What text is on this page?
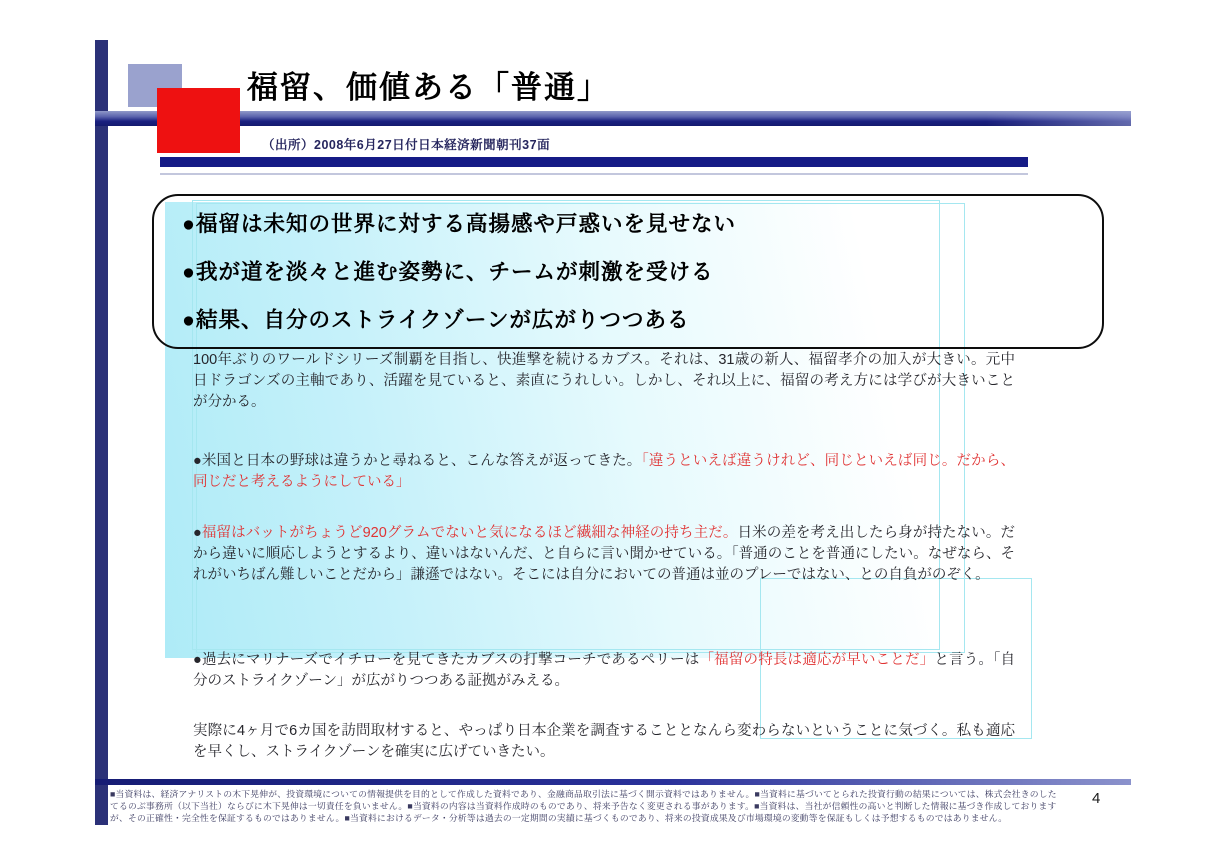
福留、価値ある「普通」
（出所）2008年6月27日付日本経済新聞朝刊37面
●福留は未知の世界に対する高揚感や戸惑いを見せない
●我が道を淡々と進む姿勢に、チームが刺激を受ける
●結果、自分のストライクゾーンが広がりつつある
100年ぶりのワールドシリーズ制覇を目指し、快進撃を続けるカブス。それは、31歳の新人、福留孝介の加入が大きい。元中日ドラゴンズの主軸であり、活躍を見ていると、素直にうれしい。しかし、それ以上に、福留の考え方には学びが大きいことが分かる。
●米国と日本の野球は違うかと尋ねると、こんな答えが返ってきた。「違うといえば違うけれど、同じといえば同じ。だから、同じだと考えるようにしている」
●福留はバットがちょうど920グラムでないと気になるほど繊細な神経の持ち主だ。日米の差を考え出したら身が持たない。だから違いに順応しようとするより、違いはないんだ、と自らに言い聞かせている。「普通のことを普通にしたい。なぜなら、それがいちばん難しいことだから」謙遜ではない。そこには自分においての普通は並のプレーではない、との自負がのぞく。
●過去にマリナーズでイチローを見てきたカブスの打撃コーチであるペリーは「福留の特長は適応が早いことだ」と言う。「自分のストライクゾーン」が広がりつつある証拠がみえる。
実際に4ヶ月で6カ国を訪問取材すると、やっぱり日本企業を調査することとなんら変わらないということに気づく。私も適応を早くし、ストライクゾーンを確実に広げていきたい。
■当資料は、経済アナリストの木下晃伸が、投資環境についての情報提供を目的として作成した資料であり、金融商品取引法に基づく開示資料ではありません。■当資料に基づいてとられた投資行動の結果については、株式会社きのした
てるのぶ事務所（以下当社）ならびに木下晃伸は一切責任を負いません。■当資料の内容は当資料作成時のものであり、将来予告なく変更される事があります。■当資料は、当社が信頼性の高いと判断した情報に基づき作成しております
が、その正確性・完全性を保証するものではありません。■当資料におけるデータ・分析等は過去の一定期間の実績に基づくものであり、将来の投資成果及び市場環境の変動等を保証もしくは予想するものではありません。
4
